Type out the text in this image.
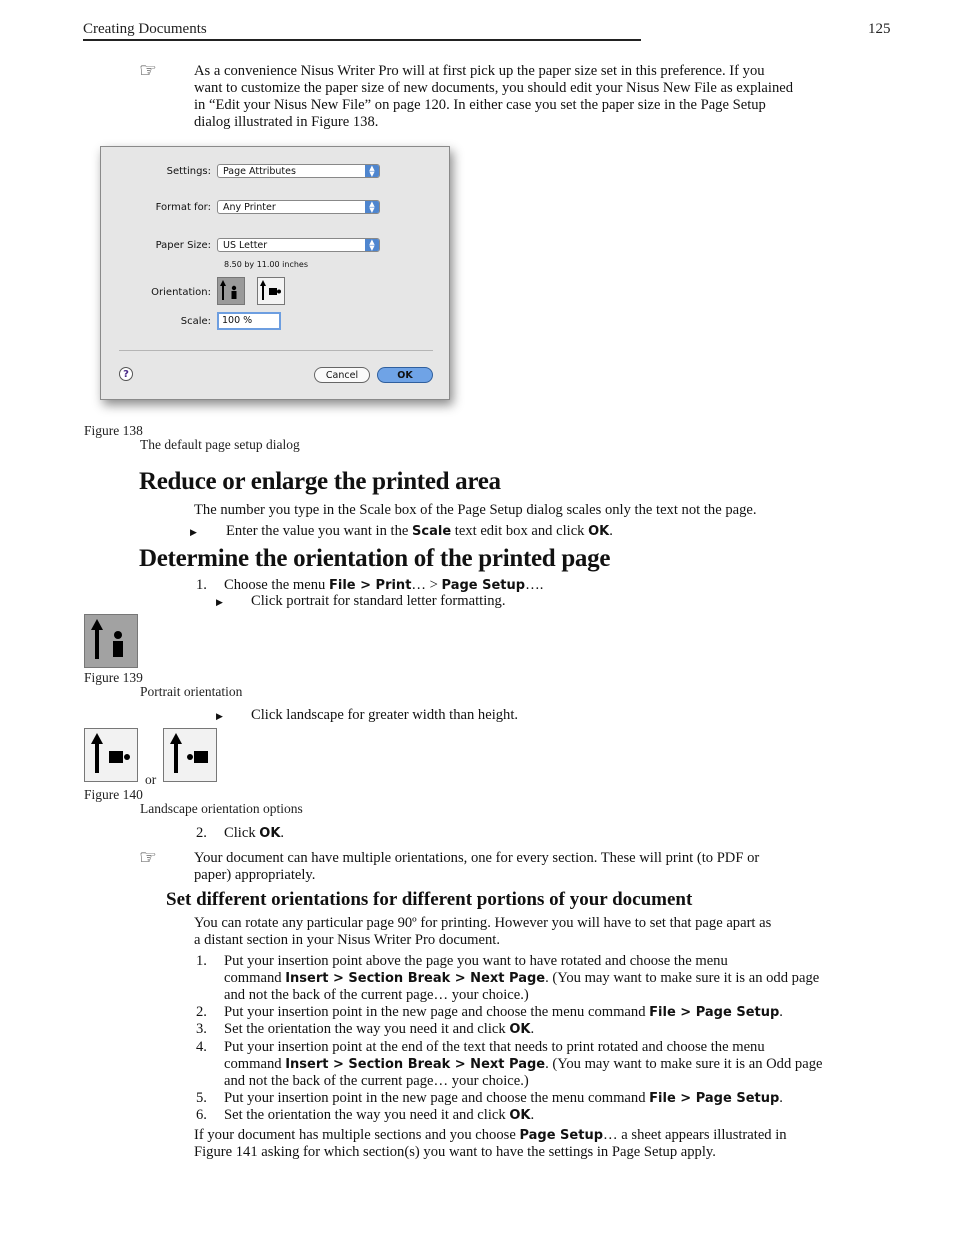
Creating Documents	125
☞	As a convenience Nisus Writer Pro will at first pick up the paper size set in this preference. If you
want to customize the paper size of new documents, you should edit your Nisus New File as explained
in “Edit your Nisus New File” on page 120. In either case you set the paper size in the Page Setup
dialog illustrated in Figure 138.
Settings:	Page Attributes	▲
▼
Format for:	Any Printer	▲
▼
Paper Size:	US Letter	▲
▼
8.50 by 11.00 inches
Orientation:
Scale:	100 %
?	Cancel	OK
Figure 138
The default page setup dialog
Reduce or enlarge the printed area
The number you type in the Scale box of the Page Setup dialog scales only the text not the page.
▶ Enter the value you want in the Scale text edit box and click OK.
Determine the orientation of the printed page
1. Choose the menu File > Print… > Page Setup….
▶ Click portrait for standard letter formatting.
Figure 139
Portrait orientation
▶ Click landscape for greater width than height.
or
Figure 140
Landscape orientation options
2. Click OK.
☞	Your document can have multiple orientations, one for every section. These will print (to PDF or
paper) appropriately.
Set different orientations for different portions of your document
You can rotate any particular page 90º for printing. However you will have to set that page apart as
a distant section in your Nisus Writer Pro document.
1. Put your insertion point above the page you want to have rotated and choose the menu
command Insert > Section Break > Next Page. (You may want to make sure it is an odd page
and not the back of the current page… your choice.)
2. Put your insertion point in the new page and choose the menu command File > Page Setup.
3. Set the orientation the way you need it and click OK.
4. Put your insertion point at the end of the text that needs to print rotated and choose the menu
command Insert > Section Break > Next Page. (You may want to make sure it is an Odd page
and not the back of the current page… your choice.)
5. Put your insertion point in the new page and choose the menu command File > Page Setup.
6. Set the orientation the way you need it and click OK.
If your document has multiple sections and you choose Page Setup… a sheet appears illustrated in
Figure 141 asking for which section(s) you want to have the settings in Page Setup apply.
